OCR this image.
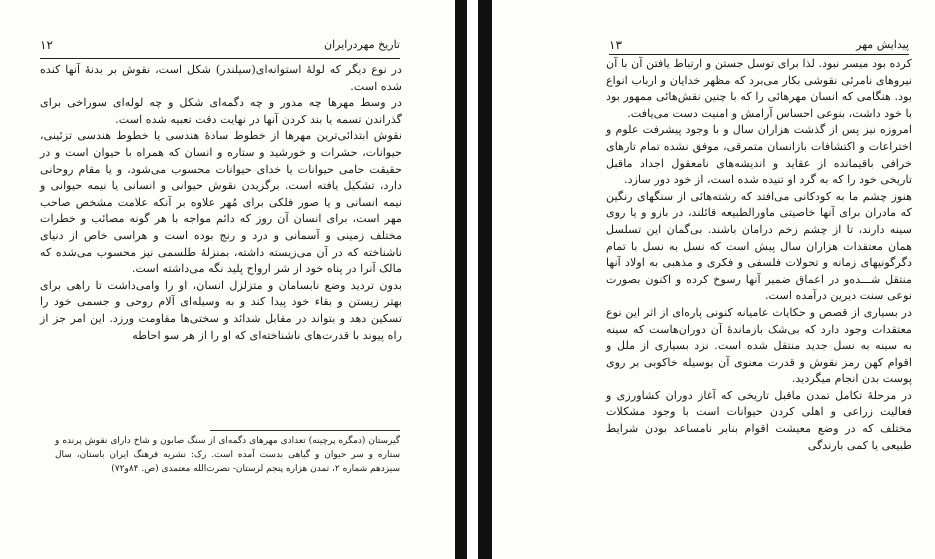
تاریخ مهردرایران
۱۲

در نوع دیگر که لولهٔ استوانه‌ای(سیلندر) شکل است، نقوش بر بدنهٔ آنها کنده شده است.

در وسط مهرها چه مدور و چه دگمه‌ای شکل و چه لوله‌ای سوراخی برای گذراندن تسمه یا بند کردن آنها در نهایت دقت تعبیه شده است.

نقوش ابتدائی‌ترین مهرها از خطوط سادهٔ هندسی یا خطوط هندسی تزئینی، حیوانات، حشرات و خورشید و ستاره و انسان که همراه با حیوان است و در حقیقت حامی حیوانات یا خدای حیوانات محسوب می‌شود، و یا مقام روحانی دارد، تشکیل یافته است. برگزیدن نقوش حیوانی و انسانی یا نیمه حیوانی و نیمه انسانی و یا صور فلکی برای مُهر علاوه بر آنکه علامت مشخص صاحب مهر است، برای انسان آن روز که دائم مواجه با هر گونه مصائب و خطرات مختلف زمینی و آسمانی و درد و رنج بوده است و هراسی خاص از دنیای ناشناخته که در آن می‌زیسته داشته، بمنزلهٔ طلسمی نیز محسوب می‌شده که مالک آنرا در پناه خود از شر ارواح پلید نگه می‌داشته است.

بدون تردید وضع نابسامان و متزلزل انسان، او را وامی‌داشت تا راهی برای بهتر زیستن و بقاء خود پیدا کند و به وسیله‌ای آلام روحی و جسمی خود را تسکین دهد و بتواند در مقابل شدائد و سختی‌ها مقاومت ورزد. این امر جز از راه پیوند با قدرت‌های ناشناخته‌ای که او را از هر سو احاطه

گیرستان (دمگره پرچینه) تعدادی مهرهای دگمه‌ای از سنگ صابون و شاخ دارای نقوش پرنده و ستاره و سر حیوان و گیاهی بدست آمده است. رک: نشریه فرهنگ ایران باستان، سال سیزدهم شماره ۲، تمدن هزاره پنجم لرستان- نصرت‌الله معتمدی (ص. ۸۴و۷۲)

پیدایش مهر
۱۳

کرده بود میسر نبود. لذا برای توسل جستن و ارتباط یافتن آن با آن نیروهای نامرئی نقوشی بکار می‌برد که مظهر خدایان و ارباب انواع بود. هنگامی که انسان مهرهائی را که با چنین نقش‌هائی ممهور بود با خود داشت، بنوعی احساس آرامش و امنیت دست می‌یافت.

امروزه نیز پس از گذشت هزاران سال و با وجود پیشرفت علوم و اختراعات و اکتشافات بازانسان متمرقی، موفق نشده تمام تارهای خرافی باقیمانده از عقاید و اندیشه‌های نامعقول اجداد ماقبل تاریخی خود را که به گرد او تنیده شده است، از خود دور سازد.

هنوز چشم ما به کودکانی می‌افتد که رشته‌هائی از سنگهای رنگین که مادران برای آنها خاصیتی ماورالطبیعه قائلند، در بازو و یا روی سینه دارند، تا از چشم زخم درامان باشند. بی‌گمان این تسلسل همان معتقدات هزاران سال پیش است که نسل به نسل با تمام دگرگونیهای زمانه و تحولات فلسفی و فکری و مذهبی به اولاد آنها منتقل شـــده‌و در اعماق ضمیر آنها رسوخ کرده و اکنون بصورت نوعی سنت دیرین درآمده است.

در بسیاری از قصص و حکایات عامیانه کنونی پاره‌ای از اثر این نوع معتقدات وجود دارد که بی‌شک بازماندهٔ آن دوران‌هاست که سینه به سینه به نسل جدید منتقل شده است. نزد بسیاری از ملل و اقوام کهن رمز نقوش و قدرت معنوی آن بوسیله خاکوبی بر روی پوست بدن انجام میگردید.

در مرحلهٔ تکامل تمدن ماقبل تاریخی که آغاز دوران کشاورزی و فعالیت زراعی و اهلی کردن حیوانات است با وجود مشکلات مختلف که در وضع معیشت اقوام بنابر نامساعد بودن شرایط طبیعی یا کمی بارندگی
